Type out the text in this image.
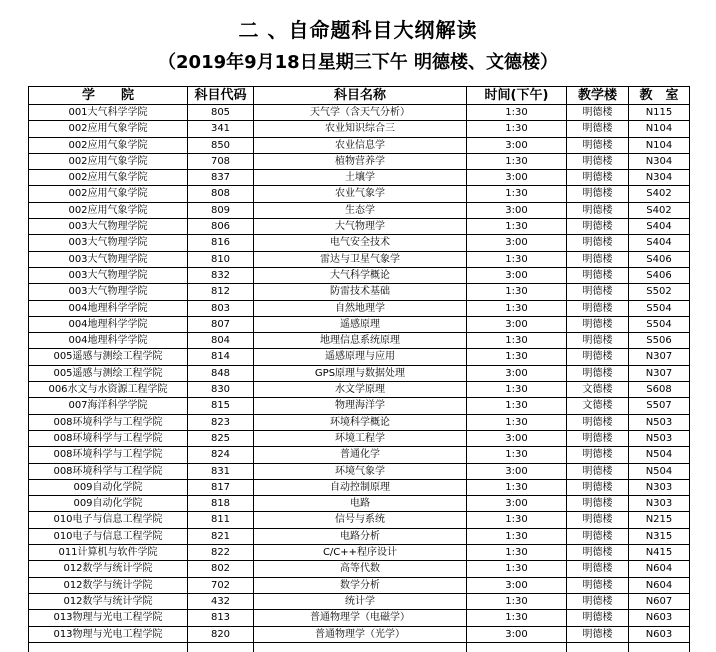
二 、自命题科目大纲解读
（2019年9月18日星期三下午 明德楼、文德楼）
学　　院	科目代码	科目名称	时间(下午)	教学楼	教　室
001大气科学学院	805	天气学（含天气分析）	1:30	明德楼	N115
002应用气象学院	341	农业知识综合三	1:30	明德楼	N104
002应用气象学院	850	农业信息学	3:00	明德楼	N104
002应用气象学院	708	植物营养学	1:30	明德楼	N304
002应用气象学院	837	土壤学	3:00	明德楼	N304
002应用气象学院	808	农业气象学	1:30	明德楼	S402
002应用气象学院	809	生态学	3:00	明德楼	S402
003大气物理学院	806	大气物理学	1:30	明德楼	S404
003大气物理学院	816	电气安全技术	3:00	明德楼	S404
003大气物理学院	810	雷达与卫星气象学	1:30	明德楼	S406
003大气物理学院	832	大气科学概论	3:00	明德楼	S406
003大气物理学院	812	防雷技术基础	1:30	明德楼	S502
004地理科学学院	803	自然地理学	1:30	明德楼	S504
004地理科学学院	807	遥感原理	3:00	明德楼	S504
004地理科学学院	804	地理信息系统原理	1:30	明德楼	S506
005遥感与测绘工程学院	814	遥感原理与应用	1:30	明德楼	N307
005遥感与测绘工程学院	848	GPS原理与数据处理	3:00	明德楼	N307
006水文与水资源工程学院	830	水文学原理	1:30	文德楼	S608
007海洋科学学院	815	物理海洋学	1:30	文德楼	S507
008环境科学与工程学院	823	环境科学概论	1:30	明德楼	N503
008环境科学与工程学院	825	环境工程学	3:00	明德楼	N503
008环境科学与工程学院	824	普通化学	1:30	明德楼	N504
008环境科学与工程学院	831	环境气象学	3:00	明德楼	N504
009自动化学院	817	自动控制原理	1:30	明德楼	N303
009自动化学院	818	电路	3:00	明德楼	N303
010电子与信息工程学院	811	信号与系统	1:30	明德楼	N215
010电子与信息工程学院	821	电路分析	1:30	明德楼	N315
011计算机与软件学院	822	C/C++程序设计	1:30	明德楼	N415
012数学与统计学院	802	高等代数	1:30	明德楼	N604
012数学与统计学院	702	数学分析	3:00	明德楼	N604
012数学与统计学院	432	统计学	1:30	明德楼	N607
013物理与光电工程学院	813	普通物理学（电磁学）	1:30	明德楼	N603
013物理与光电工程学院	820	普通物理学（光学）	3:00	明德楼	N603
